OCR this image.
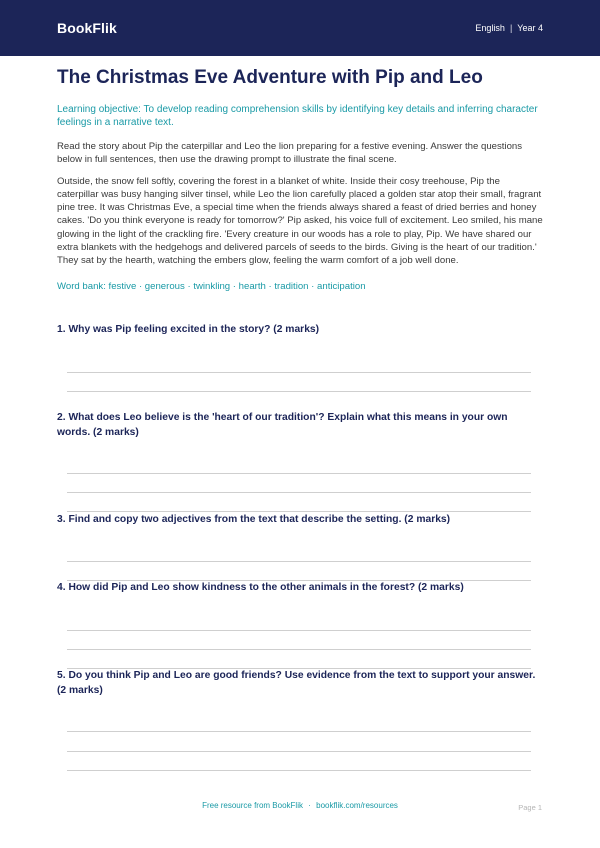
BookFlik	English | Year 4
The Christmas Eve Adventure with Pip and Leo

Learning objective: To develop reading comprehension skills by identifying key details and inferring character feelings in a narrative text.

Read the story about Pip the caterpillar and Leo the lion preparing for a festive evening. Answer the questions below in full sentences, then use the drawing prompt to illustrate the final scene.

Outside, the snow fell softly, covering the forest in a blanket of white. Inside their cosy treehouse, Pip the caterpillar was busy hanging silver tinsel, while Leo the lion carefully placed a golden star atop their small, fragrant pine tree. It was Christmas Eve, a special time when the friends always shared a feast of dried berries and honey cakes. 'Do you think everyone is ready for tomorrow?' Pip asked, his voice full of excitement. Leo smiled, his mane glowing in the light of the crackling fire. 'Every creature in our woods has a role to play, Pip. We have shared our extra blankets with the hedgehogs and delivered parcels of seeds to the birds. Giving is the heart of our tradition.' They sat by the hearth, watching the embers glow, feeling the warm comfort of a job well done.

Word bank: festive · generous · twinkling · hearth · tradition · anticipation

1. Why was Pip feeling excited in the story? (2 marks)

2. What does Leo believe is the 'heart of our tradition'? Explain what this means in your own words. (2 marks)

3. Find and copy two adjectives from the text that describe the setting. (2 marks)

4. How did Pip and Leo show kindness to the other animals in the forest? (2 marks)

5. Do you think Pip and Leo are good friends? Use evidence from the text to support your answer. (2 marks)

Free resource from BookFlik · bookflik.com/resources	Page 1
